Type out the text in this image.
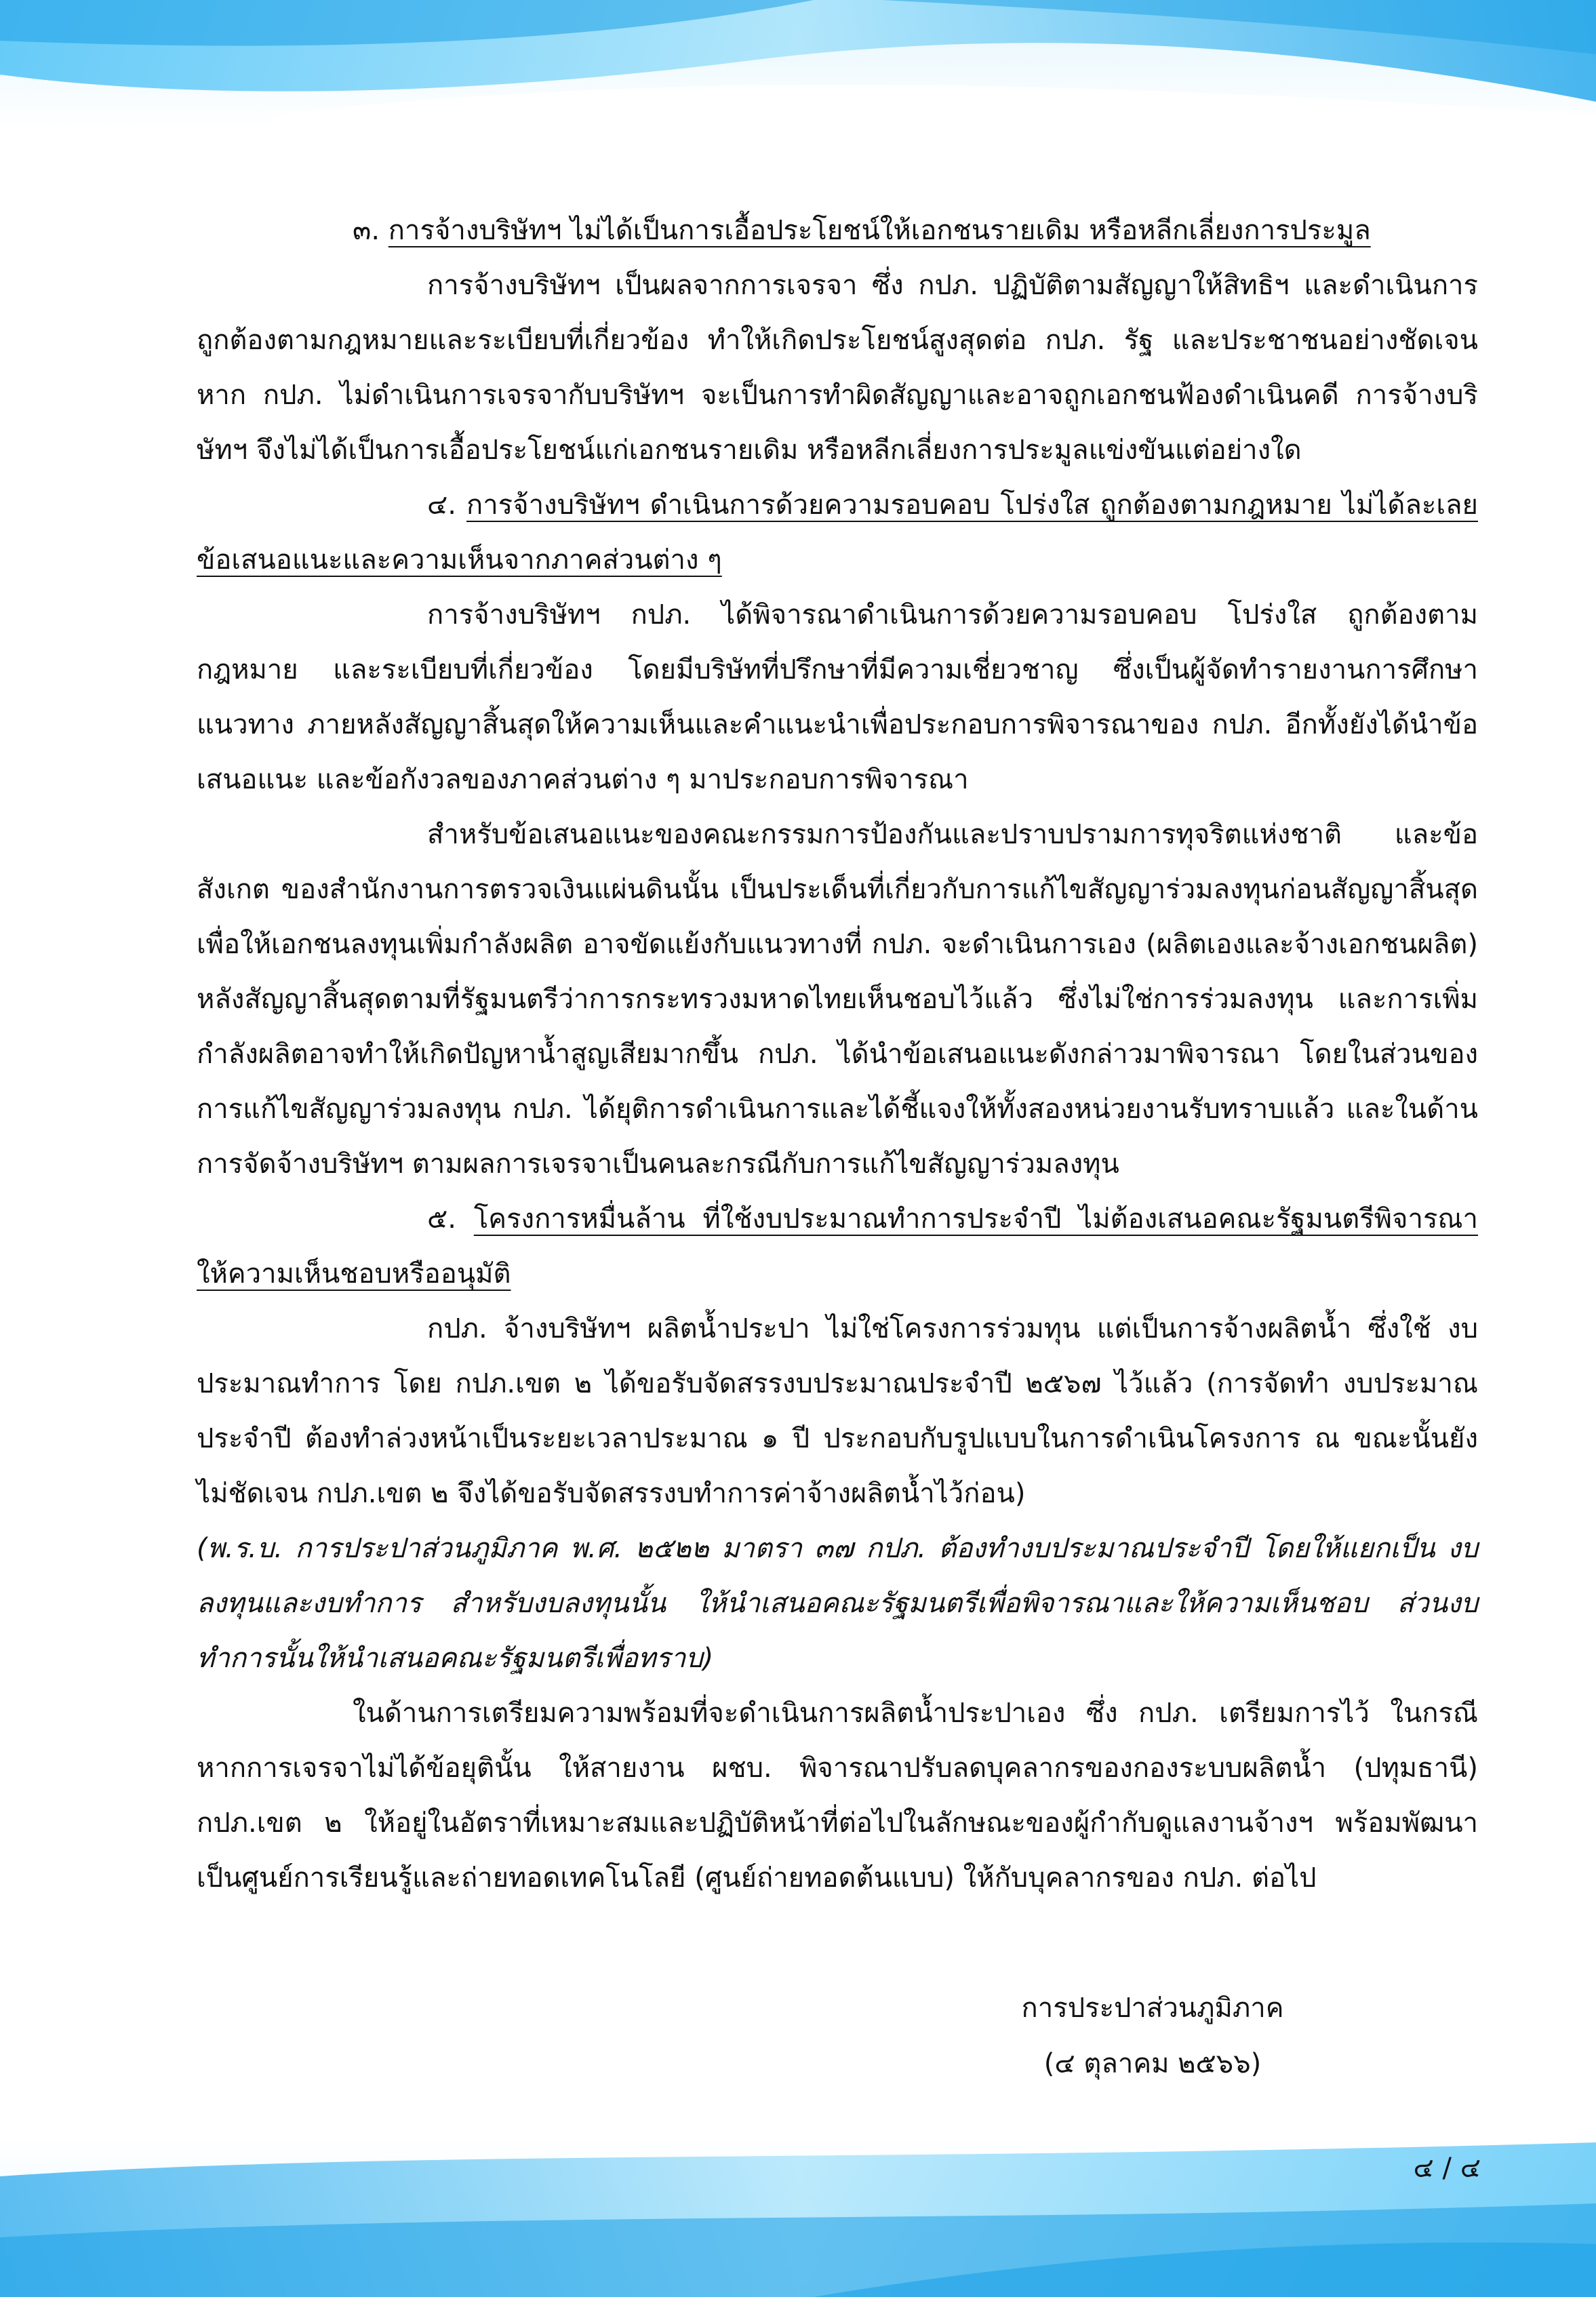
๓. การจ้างบริษัทฯ ไม่ได้เป็นการเอื้อประโยชน์ให้เอกชนรายเดิม หรือหลีกเลี่ยงการประมูล

การจ้างบริษัทฯ เป็นผลจากการเจรจา ซึ่ง กปภ. ปฏิบัติตามสัญญาให้สิทธิฯ และดำเนินการถูกต้องตามกฎหมายและระเบียบที่เกี่ยวข้อง ทำให้เกิดประโยชน์สูงสุดต่อ กปภ. รัฐ และประชาชนอย่างชัดเจน หาก กปภ. ไม่ดำเนินการเจรจากับบริษัทฯ จะเป็นการทำผิดสัญญาและอาจถูกเอกชนฟ้องดำเนินคดี การจ้างบริษัทฯ จึงไม่ได้เป็นการเอื้อประโยชน์แก่เอกชนรายเดิม หรือหลีกเลี่ยงการประมูลแข่งขันแต่อย่างใด

๔. การจ้างบริษัทฯ ดำเนินการด้วยความรอบคอบ โปร่งใส ถูกต้องตามกฎหมาย ไม่ได้ละเลยข้อเสนอแนะและความเห็นจากภาคส่วนต่าง ๆ

การจ้างบริษัทฯ กปภ. ได้พิจารณาดำเนินการด้วยความรอบคอบ โปร่งใส ถูกต้องตามกฎหมาย และระเบียบที่เกี่ยวข้อง โดยมีบริษัทที่ปรึกษาที่มีความเชี่ยวชาญ ซึ่งเป็นผู้จัดทำรายงานการศึกษาแนวทาง ภายหลังสัญญาสิ้นสุดให้ความเห็นและคำแนะนำเพื่อประกอบการพิจารณาของ กปภ. อีกทั้งยังได้นำข้อเสนอแนะ และข้อกังวลของภาคส่วนต่าง ๆ มาประกอบการพิจารณา

สำหรับข้อเสนอแนะของคณะกรรมการป้องกันและปราบปรามการทุจริตแห่งชาติ และข้อสังเกต ของสำนักงานการตรวจเงินแผ่นดินนั้น เป็นประเด็นที่เกี่ยวกับการแก้ไขสัญญาร่วมลงทุนก่อนสัญญาสิ้นสุด เพื่อให้เอกชนลงทุนเพิ่มกำลังผลิต อาจขัดแย้งกับแนวทางที่ กปภ. จะดำเนินการเอง (ผลิตเองและจ้างเอกชนผลิต) หลังสัญญาสิ้นสุดตามที่รัฐมนตรีว่าการกระทรวงมหาดไทยเห็นชอบไว้แล้ว ซึ่งไม่ใช่การร่วมลงทุน และการเพิ่ม กำลังผลิตอาจทำให้เกิดปัญหาน้ำสูญเสียมากขึ้น กปภ. ได้นำข้อเสนอแนะดังกล่าวมาพิจารณา โดยในส่วนของ การแก้ไขสัญญาร่วมลงทุน กปภ. ได้ยุติการดำเนินการและได้ชี้แจงให้ทั้งสองหน่วยงานรับทราบแล้ว และในด้าน การจัดจ้างบริษัทฯ ตามผลการเจรจาเป็นคนละกรณีกับการแก้ไขสัญญาร่วมลงทุน

๕. โครงการหมื่นล้าน ที่ใช้งบประมาณทำการประจำปี ไม่ต้องเสนอคณะรัฐมนตรีพิจารณาให้ความเห็นชอบหรืออนุมัติ

กปภ. จ้างบริษัทฯ ผลิตน้ำประปา ไม่ใช่โครงการร่วมทุน แต่เป็นการจ้างผลิตน้ำ ซึ่งใช้ งบประมาณทำการ โดย กปภ.เขต ๒ ได้ขอรับจัดสรรงบประมาณประจำปี ๒๕๖๗ ไว้แล้ว (การจัดทำ งบประมาณประจำปี ต้องทำล่วงหน้าเป็นระยะเวลาประมาณ ๑ ปี ประกอบกับรูปแบบในการดำเนินโครงการ ณ ขณะนั้นยังไม่ชัดเจน กปภ.เขต ๒ จึงได้ขอรับจัดสรรงบทำการค่าจ้างผลิตน้ำไว้ก่อน)

(พ.ร.บ. การประปาส่วนภูมิภาค พ.ศ. ๒๕๒๒ มาตรา ๓๗ กปภ. ต้องทำงบประมาณประจำปี โดยให้แยกเป็น งบลงทุนและงบทำการ สำหรับงบลงทุนนั้น ให้นำเสนอคณะรัฐมนตรีเพื่อพิจารณาและให้ความเห็นชอบ ส่วนงบทำการนั้นให้นำเสนอคณะรัฐมนตรีเพื่อทราบ)

ในด้านการเตรียมความพร้อมที่จะดำเนินการผลิตน้ำประปาเอง ซึ่ง กปภ. เตรียมการไว้ ในกรณีหากการเจรจาไม่ได้ข้อยุตินั้น ให้สายงาน ผชบ. พิจารณาปรับลดบุคลากรของกองระบบผลิตน้ำ (ปทุมธานี) กปภ.เขต ๒ ให้อยู่ในอัตราที่เหมาะสมและปฏิบัติหน้าที่ต่อไปในลักษณะของผู้กำกับดูแลงานจ้างฯ พร้อมพัฒนา เป็นศูนย์การเรียนรู้และถ่ายทอดเทคโนโลยี (ศูนย์ถ่ายทอดต้นแบบ) ให้กับบุคลากรของ กปภ. ต่อไป

การประปาส่วนภูมิภาค
(๔ ตุลาคม ๒๕๖๖)
๔ / ๔
